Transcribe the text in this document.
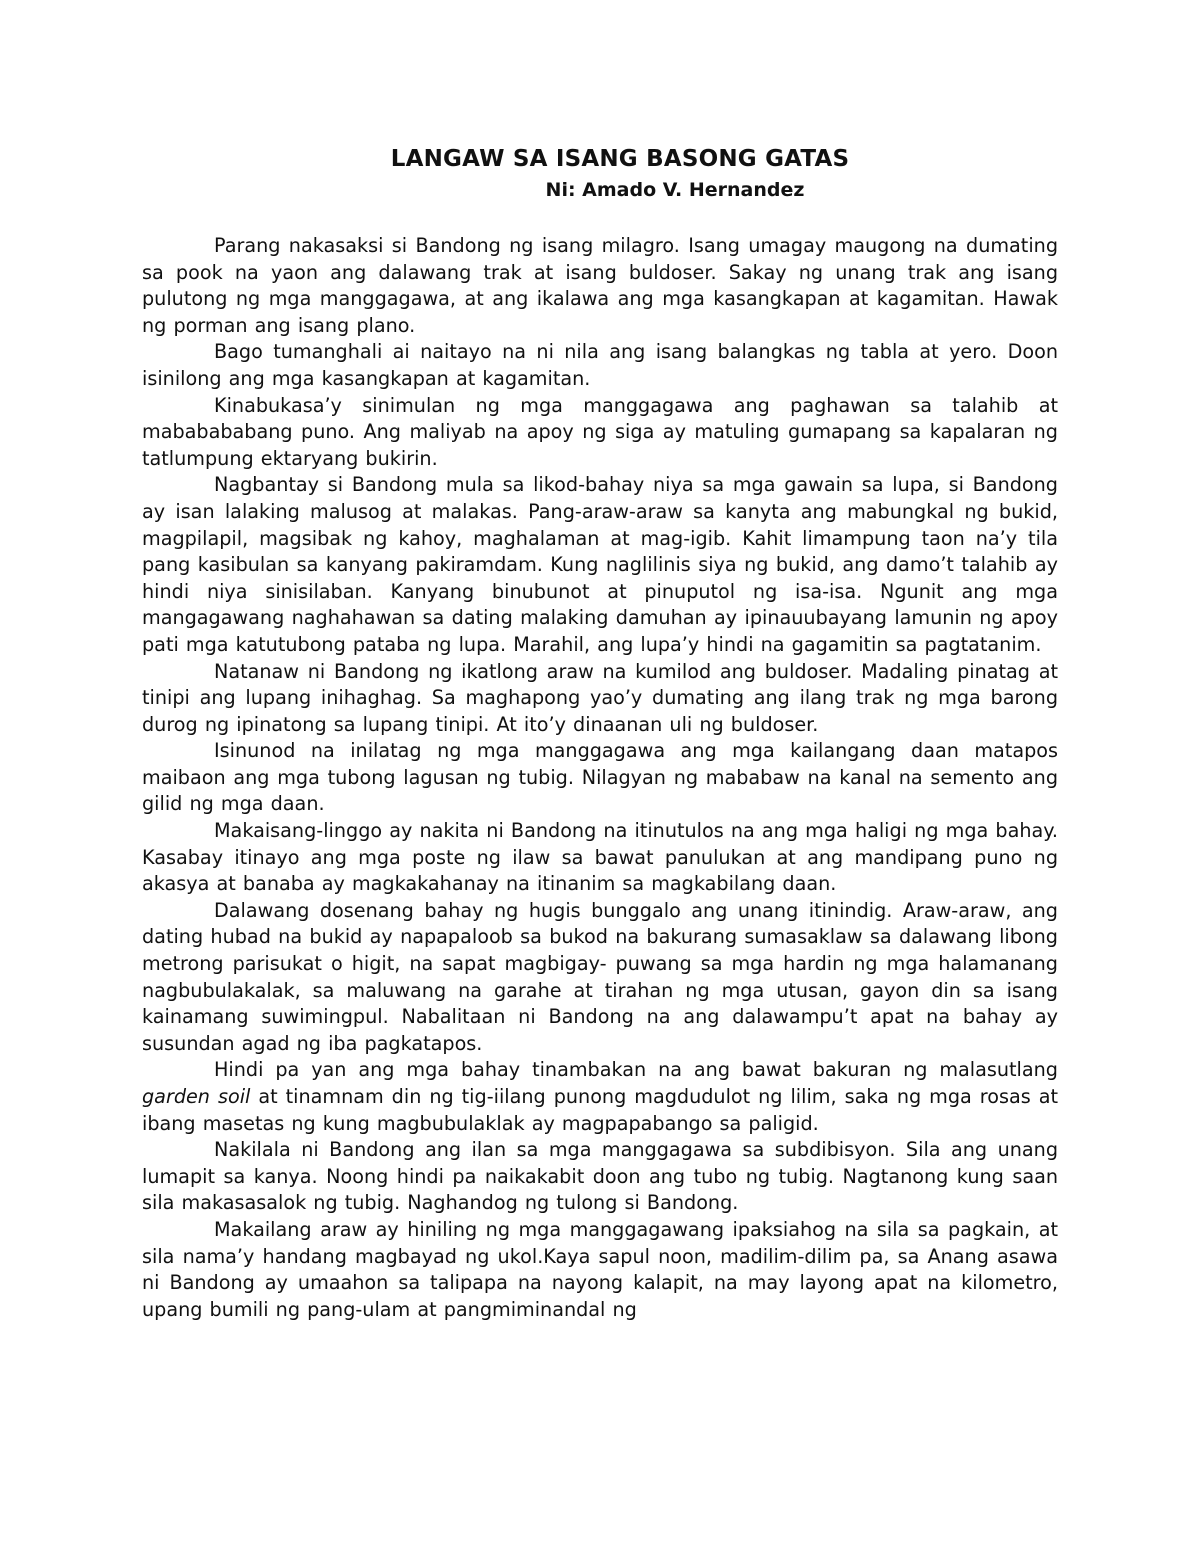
LANGAW SA ISANG BASONG GATAS
Ni: Amado V. Hernandez

Parang nakasaksi si Bandong ng isang milagro. Isang umagay maugong na dumating sa pook na yaon ang dalawang trak at isang buldoser. Sakay ng unang trak ang isang pulutong ng mga manggagawa, at ang ikalawa ang mga kasangkapan at kagamitan. Hawak ng porman ang isang plano.

Bago tumanghali ai naitayo na ni nila ang isang balangkas ng tabla at yero. Doon isinilong ang mga kasangkapan at kagamitan.

Kinabukasa’y sinimulan ng mga manggagawa ang paghawan sa talahib at mababababang puno. Ang maliyab na apoy ng siga ay matuling gumapang sa kapalaran ng tatlumpung ektaryang bukirin.

Nagbantay si Bandong mula sa likod-bahay niya sa mga gawain sa lupa, si Bandong ay isan lalaking malusog at malakas. Pang-araw-araw sa kanyta ang mabungkal ng bukid, magpilapil, magsibak ng kahoy, maghalaman at mag-igib. Kahit limampung taon na’y tila pang kasibulan sa kanyang pakiramdam. Kung naglilinis siya ng bukid, ang damo’t talahib ay hindi niya sinisilaban. Kanyang binubunot at pinuputol ng isa-isa. Ngunit ang mga mangagawang naghahawan sa dating malaking damuhan ay ipinauubayang lamunin ng apoy pati mga katutubong pataba ng lupa. Marahil, ang lupa’y hindi na gagamitin sa pagtatanim.

Natanaw ni Bandong ng ikatlong araw na kumilod ang buldoser. Madaling pinatag at tinipi ang lupang inihaghag. Sa maghapong yao’y dumating ang ilang trak ng mga barong durog ng ipinatong sa lupang tinipi. At ito’y dinaanan uli ng buldoser.

Isinunod na inilatag ng mga manggagawa ang mga kailangang daan matapos maibaon ang mga tubong lagusan ng tubig. Nilagyan ng mababaw na kanal na semento ang gilid ng mga daan.

Makaisang-linggo ay nakita ni Bandong na itinutulos na ang mga haligi ng mga bahay. Kasabay itinayo ang mga poste ng ilaw sa bawat panulukan at ang mandipang puno ng akasya at banaba ay magkakahanay na itinanim sa magkabilang daan.

Dalawang dosenang bahay ng hugis bunggalo ang unang itinindig. Araw-araw, ang dating hubad na bukid ay napapaloob sa bukod na bakurang sumasaklaw sa dalawang libong metrong parisukat o higit, na sapat magbigay- puwang sa mga hardin ng mga halamanang nagbubulakalak, sa maluwang na garahe at tirahan ng mga utusan, gayon din sa isang kainamang suwimingpul. Nabalitaan ni Bandong na ang dalawampu’t apat na bahay ay susundan agad ng iba pagkatapos.

Hindi pa yan ang mga bahay tinambakan na ang bawat bakuran ng malasutlang garden soil at tinamnam din ng tig-iilang punong magdudulot ng lilim, saka ng mga rosas at ibang masetas ng kung magbubulaklak ay magpapabango sa paligid.

Nakilala ni Bandong ang ilan sa mga manggagawa sa subdibisyon. Sila ang unang lumapit sa kanya. Noong hindi pa naikakabit doon ang tubo ng tubig. Nagtanong kung saan sila makasasalok ng tubig. Naghandog ng tulong si Bandong.

Makailang araw ay hiniling ng mga manggagawang ipaksiahog na sila sa pagkain, at sila nama’y handang magbayad ng ukol.Kaya sapul noon, madilim-dilim pa, sa Anang asawa ni Bandong ay umaahon sa talipapa na nayong kalapit, na may layong apat na kilometro, upang bumili ng pang-ulam at pangmiminandal ng
